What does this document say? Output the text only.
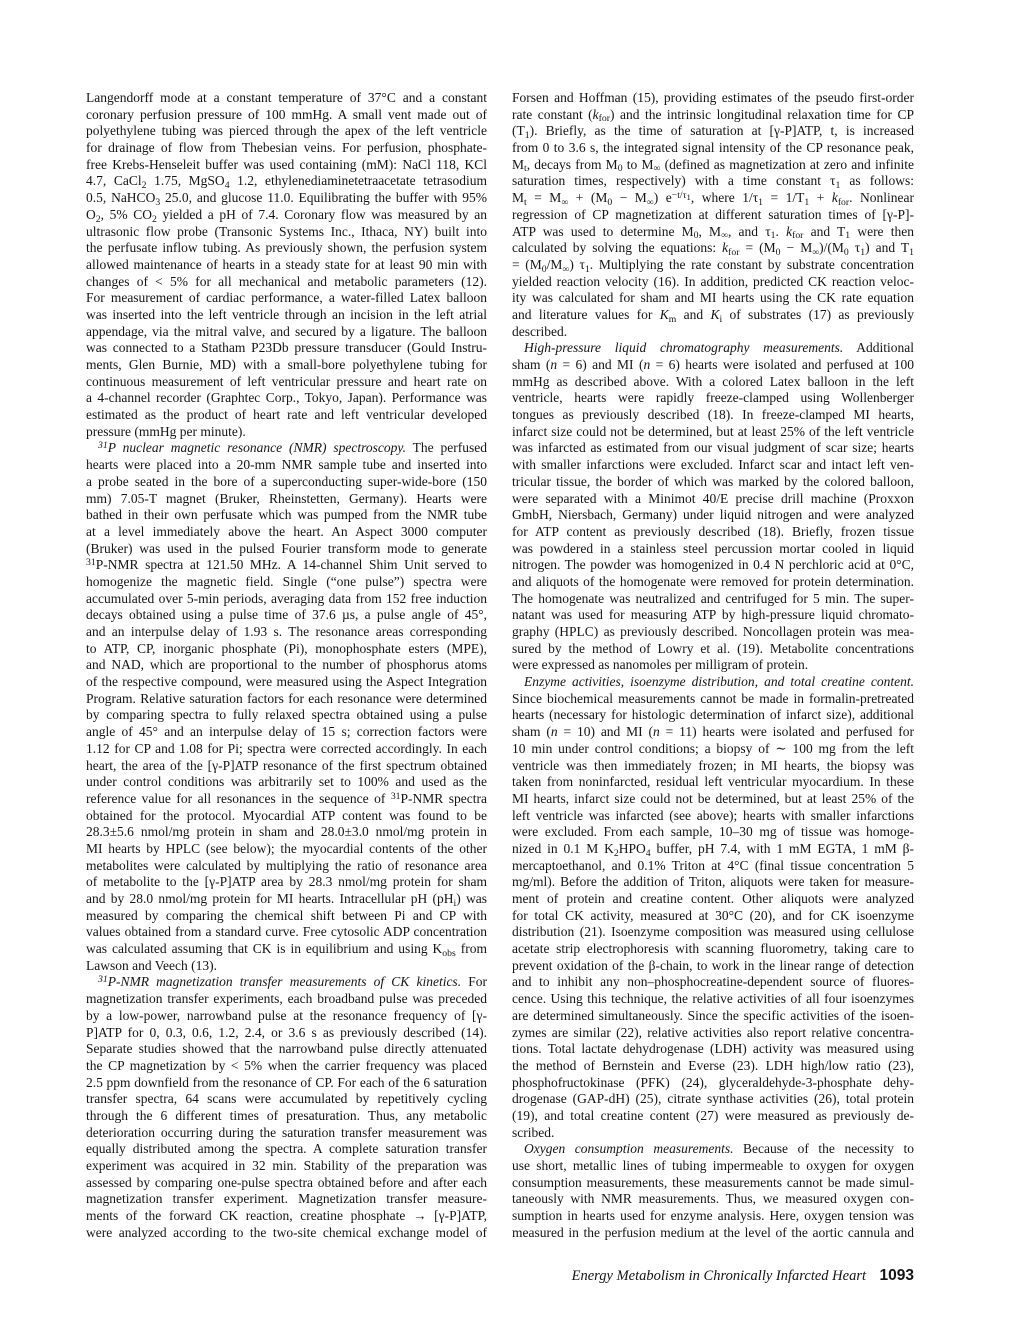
Langendorff mode at a constant temperature of 37°C and a constant
coronary perfusion pressure of 100 mmHg. A small vent made out of
polyethylene tubing was pierced through the apex of the left ventricle
for drainage of flow from Thebesian veins. For perfusion, phosphate-
free Krebs-Henseleit buffer was used containing (mM): NaCl 118, KCl
4.7, CaCl$_2$ 1.75, MgSO$_4$ 1.2, ethylenediaminetetraacetate tetrasodium
0.5, NaHCO$_3$ 25.0, and glucose 11.0. Equilibrating the buffer with 95%
$O_2$, 5% $CO_2$ yielded a pH of 7.4. Coronary flow was measured by an
ultrasonic flow probe (Transonic Systems Inc., Ithaca, NY) built into
the perfusate inflow tubing. As previously shown, the perfusion system
allowed maintenance of hearts in a steady state for at least 90 min with
changes of < 5% for all mechanical and metabolic parameters (12).
For measurement of cardiac performance, a water-filled Latex balloon
was inserted into the left ventricle through an incision in the left atrial
appendage, via the mitral valve, and secured by a ligature. The balloon
was connected to a Statham P23Db pressure transducer (Gould Instru-
ments, Glen Burnie, MD) with a small-bore polyethylene tubing for
continuous measurement of left ventricular pressure and heart rate on
a 4-channel recorder (Graphtec Corp., Tokyo, Japan). Performance was
estimated as the product of heart rate and left ventricular developed
pressure (mmHg per minute).
$^{31}$P nuclear magnetic resonance (NMR) spectroscopy. The perfused
hearts were placed into a 20-mm NMR sample tube and inserted into
a probe seated in the bore of a superconducting super-wide-bore (150
mm) 7.05-T magnet (Bruker, Rheinstetten, Germany). Hearts were
bathed in their own perfusate which was pumped from the NMR tube
at a level immediately above the heart. An Aspect 3000 computer
(Bruker) was used in the pulsed Fourier transform mode to generate
$^{31}$P-NMR spectra at 121.50 MHz. A 14-channel Shim Unit served to
homogenize the magnetic field. Single (“one pulse”) spectra were
accumulated over 5-min periods, averaging data from 152 free induction
decays obtained using a pulse time of 37.6 µs, a pulse angle of 45°,
and an interpulse delay of 1.93 s. The resonance areas corresponding
to ATP, CP, inorganic phosphate (Pi), monophosphate esters (MPE),
and NAD, which are proportional to the number of phosphorus atoms
of the respective compound, were measured using the Aspect Integration
Program. Relative saturation factors for each resonance were determined
by comparing spectra to fully relaxed spectra obtained using a pulse
angle of 45° and an interpulse delay of 15 s; correction factors were
1.12 for CP and 1.08 for Pi; spectra were corrected accordingly. In each
heart, the area of the [γ-P]ATP resonance of the first spectrum obtained
under control conditions was arbitrarily set to 100% and used as the
reference value for all resonances in the sequence of $^{31}$P-NMR spectra
obtained for the protocol. Myocardial ATP content was found to be
28.3±5.6 nmol/mg protein in sham and 28.0±3.0 nmol/mg protein in
MI hearts by HPLC (see below); the myocardial contents of the other
metabolites were calculated by multiplying the ratio of resonance area
of metabolite to the [γ-P]ATP area by 28.3 nmol/mg protein for sham
and by 28.0 nmol/mg protein for MI hearts. Intracellular pH $(pH_i)$ was
measured by comparing the chemical shift between Pi and CP with
values obtained from a standard curve. Free cytosolic ADP concentration
was calculated assuming that CK is in equilibrium and using $K_{obs}$ from
Lawson and Veech (13).
$^{31}$P-NMR magnetization transfer measurements of CK kinetics. For
magnetization transfer experiments, each broadband pulse was preceded
by a low-power, narrowband pulse at the resonance frequency of [γ-
P]ATP for 0, 0.3, 0.6, 1.2, 2.4, or 3.6 s as previously described (14).
Separate studies showed that the narrowband pulse directly attenuated
the CP magnetization by < 5% when the carrier frequency was placed
2.5 ppm downfield from the resonance of CP. For each of the 6 saturation
transfer spectra, 64 scans were accumulated by repetitively cycling
through the 6 different times of presaturation. Thus, any metabolic
deterioration occurring during the saturation transfer measurement was
equally distributed among the spectra. A complete saturation transfer
experiment was acquired in 32 min. Stability of the preparation was
assessed by comparing one-pulse spectra obtained before and after each
magnetization transfer experiment. Magnetization transfer measure-
ments of the forward CK reaction, creatine phosphate → [γ-P]ATP,
were analyzed according to the two-site chemical exchange model of
Forsen and Hoffman (15), providing estimates of the pseudo first-order
rate constant $(k_{for})$ and the intrinsic longitudinal relaxation time for CP
$(T_1)$. Briefly, as the time of saturation at [γ-P]ATP, t, is increased
from 0 to 3.6 s, the integrated signal intensity of the CP resonance peak,
$M_t$, decays from $M_0$ to $M_\infty$ (defined as magnetization at zero and infinite
saturation times, respectively) with a time constant $\tau_1$ as follows:
$M_t = M_\infty + (M_0 - M_\infty)$ $e^{-t/\tau_1}$, where $1/\tau_1 = 1/T_1 + k_{for}$. Nonlinear
regression of CP magnetization at different saturation times of [γ-P]-
ATP was used to determine $M_0$, $M_\infty$, and $\tau_1$. $k_{for}$ and $T_1$ were then
calculated by solving the equations: $k_{for} = (M_0 - M_\infty)/(M_0$ $\tau_1$) and $T_1$
= $(M_0/M_\infty)$ $\tau_1$. Multiplying the rate constant by substrate concentration
yielded reaction velocity (16). In addition, predicted CK reaction veloc-
ity was calculated for sham and MI hearts using the CK rate equation
and literature values for $K_m$ and $K_i$ of substrates (17) as previously
described.
High-pressure liquid chromatography measurements. Additional
sham (n = 6) and MI (n = 6) hearts were isolated and perfused at 100
mmHg as described above. With a colored Latex balloon in the left
ventricle, hearts were rapidly freeze-clamped using Wollenberger
tongues as previously described (18). In freeze-clamped MI hearts,
infarct size could not be determined, but at least 25% of the left ventricle
was infarcted as estimated from our visual judgment of scar size; hearts
with smaller infarctions were excluded. Infarct scar and intact left ven-
tricular tissue, the border of which was marked by the colored balloon,
were separated with a Minimot 40/E precise drill machine (Proxxon
GmbH, Niersbach, Germany) under liquid nitrogen and were analyzed
for ATP content as previously described (18). Briefly, frozen tissue
was powdered in a stainless steel percussion mortar cooled in liquid
nitrogen. The powder was homogenized in 0.4 N perchloric acid at 0°C,
and aliquots of the homogenate were removed for protein determination.
The homogenate was neutralized and centrifuged for 5 min. The super-
natant was used for measuring ATP by high-pressure liquid chromato-
graphy (HPLC) as previously described. Noncollagen protein was mea-
sured by the method of Lowry et al. (19). Metabolite concentrations
were expressed as nanomoles per milligram of protein.
Enzyme activities, isoenzyme distribution, and total creatine content.
Since biochemical measurements cannot be made in formalin-pretreated
hearts (necessary for histologic determination of infarct size), additional
sham (n = 10) and MI (n = 11) hearts were isolated and perfused for
10 min under control conditions; a biopsy of ∼ 100 mg from the left
ventricle was then immediately frozen; in MI hearts, the biopsy was
taken from noninfarcted, residual left ventricular myocardium. In these
MI hearts, infarct size could not be determined, but at least 25% of the
left ventricle was infarcted (see above); hearts with smaller infarctions
were excluded. From each sample, 10–30 mg of tissue was homoge-
nized in 0.1 M $K_2HPO_4$ buffer, pH 7.4, with 1 mM EGTA, 1 mM β-
mercaptoethanol, and 0.1% Triton at 4°C (final tissue concentration 5
mg/ml). Before the addition of Triton, aliquots were taken for measure-
ment of protein and creatine content. Other aliquots were analyzed
for total CK activity, measured at 30°C (20), and for CK isoenzyme
distribution (21). Isoenzyme composition was measured using cellulose
acetate strip electrophoresis with scanning fluorometry, taking care to
prevent oxidation of the β-chain, to work in the linear range of detection
and to inhibit any non–phosphocreatine-dependent source of fluores-
cence. Using this technique, the relative activities of all four isoenzymes
are determined simultaneously. Since the specific activities of the isoen-
zymes are similar (22), relative activities also report relative concentra-
tions. Total lactate dehydrogenase (LDH) activity was measured using
the method of Bernstein and Everse (23). LDH high/low ratio (23),
phosphofructokinase (PFK) (24), glyceraldehyde-3-phosphate dehy-
drogenase (GAP-dH) (25), citrate synthase activities (26), total protein
(19), and total creatine content (27) were measured as previously de-
scribed.
Oxygen consumption measurements. Because of the necessity to
use short, metallic lines of tubing impermeable to oxygen for oxygen
consumption measurements, these measurements cannot be made simul-
taneously with NMR measurements. Thus, we measured oxygen con-
sumption in hearts used for enzyme analysis. Here, oxygen tension was
measured in the perfusion medium at the level of the aortic cannula and
Energy Metabolism in Chronically Infarcted Heart 1093
